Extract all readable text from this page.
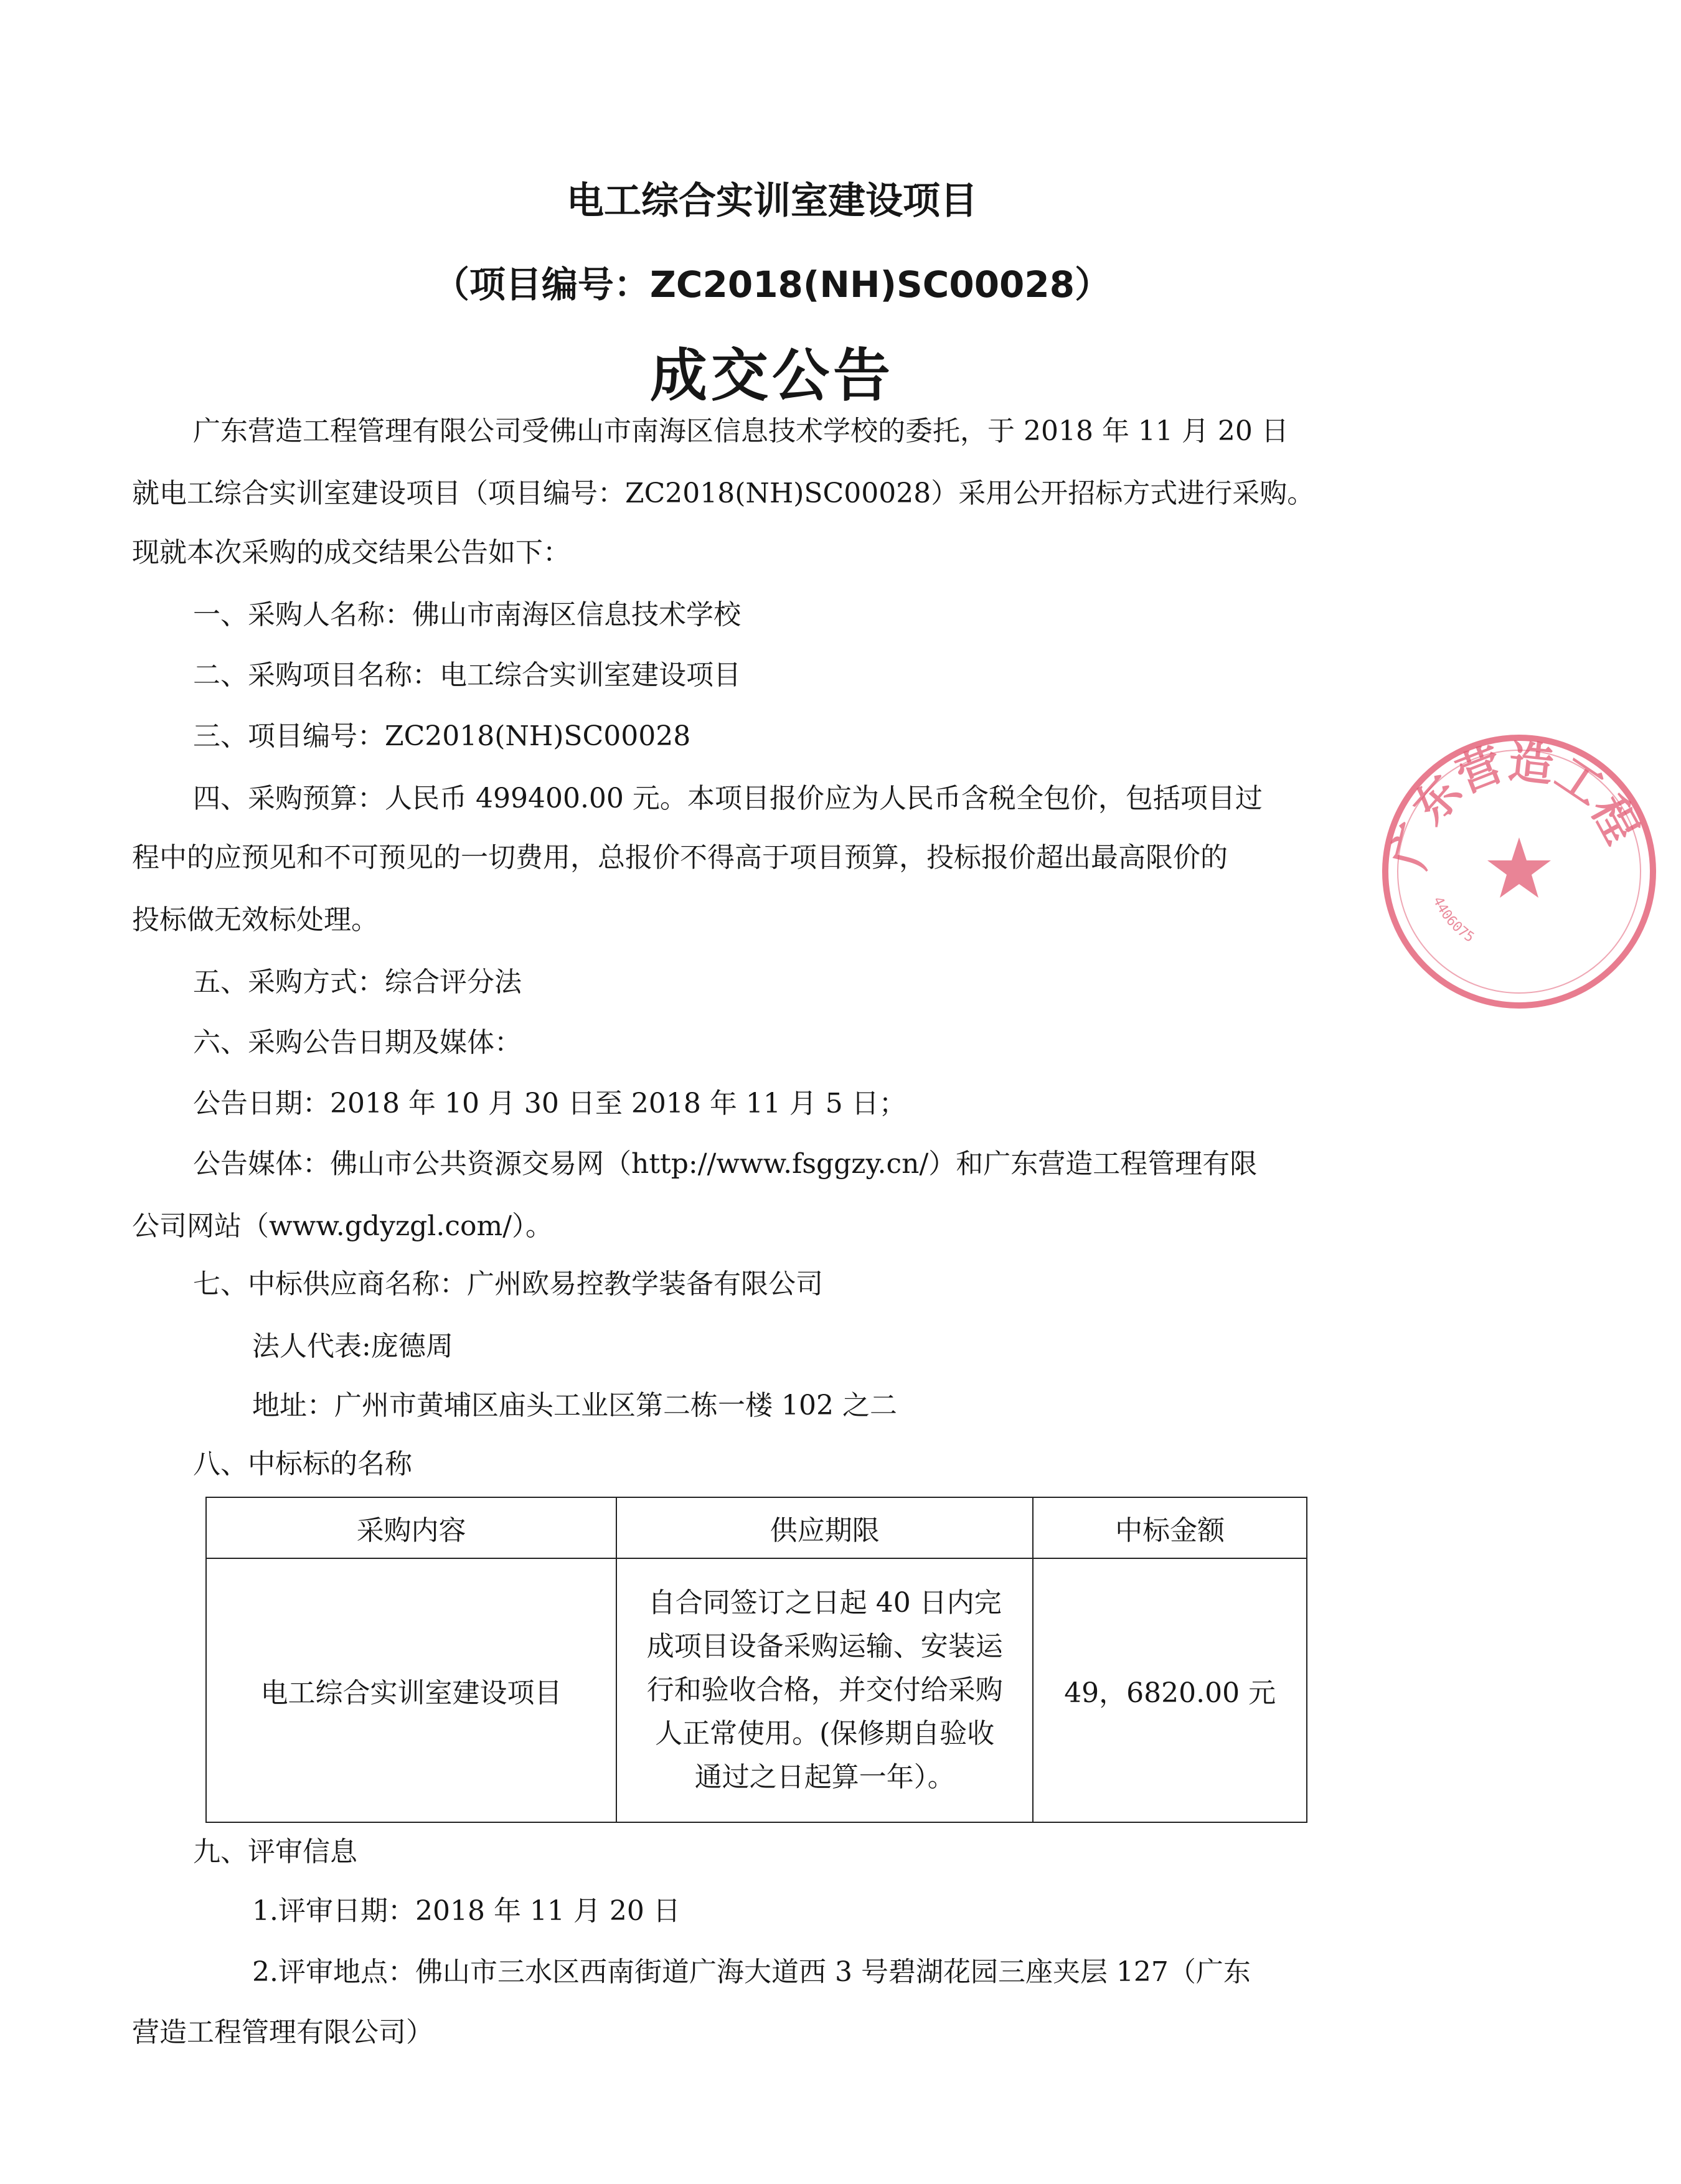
电工综合实训室建设项目
（项目编号：ZC2018(NH)SC00028）
成交公告
广东营造工程管理有限公司受佛山市南海区信息技术学校的委托，于 2018 年 11 月 20 日
就电工综合实训室建设项目（项目编号：ZC2018(NH)SC00028）采用公开招标方式进行采购。
现就本次采购的成交结果公告如下：
一、采购人名称：佛山市南海区信息技术学校
二、采购项目名称：电工综合实训室建设项目
三、项目编号：ZC2018(NH)SC00028
四、采购预算：人民币 499400.00 元。本项目报价应为人民币含税全包价，包括项目过
程中的应预见和不可预见的一切费用，总报价不得高于项目预算，投标报价超出最高限价的
投标做无效标处理。
五、采购方式：综合评分法
六、采购公告日期及媒体：
公告日期：2018 年 10 月 30 日至 2018 年 11 月 5 日；
公告媒体：佛山市公共资源交易网（http://www.fsggzy.cn/）和广东营造工程管理有限
公司网站（www.gdyzgl.com/）。
七、中标供应商名称：广州欧易控教学装备有限公司
法人代表:庞德周
地址：广州市黄埔区庙头工业区第二栋一楼 102 之二
八、中标标的名称
采购内容	供应期限	中标金额
电工综合实训室建设项目	自合同签订之日起 40 日内完
成项目设备采购运输、安装运
行和验收合格，并交付给采购
人正常使用。(保修期自验收
通过之日起算一年）。	49，6820.00 元
九、评审信息
1.评审日期：2018 年 11 月 20 日
2.评审地点：佛山市三水区西南街道广海大道西 3 号碧湖花园三座夹层 127（广东
营造工程管理有限公司）
广东营造工程
4406075
